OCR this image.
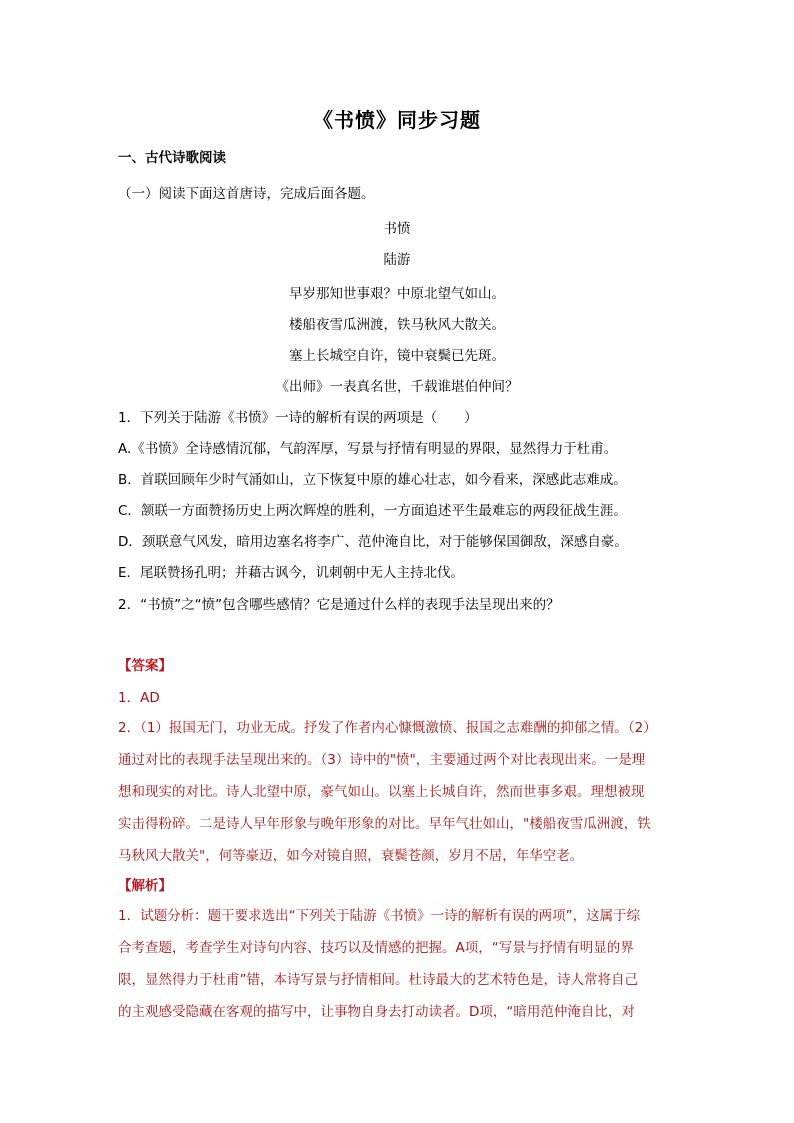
《书愤》同步习题
一、古代诗歌阅读
（一）阅读下面这首唐诗，完成后面各题。
书愤
陆游
早岁那知世事艰？中原北望气如山。
楼船夜雪瓜洲渡，铁马秋风大散关。
塞上长城空自许，镜中衰鬓已先斑。
《出师》一表真名世，千载谁堪伯仲间？
1．下列关于陆游《书愤》一诗的解析有误的两项是（　　）
A.《书愤》全诗感情沉郁，气韵浑厚，写景与抒情有明显的界限，显然得力于杜甫。
B．首联回顾年少时气涌如山，立下恢复中原的雄心壮志，如今看来，深感此志难成。
C．颔联一方面赞扬历史上两次辉煌的胜利，一方面追述平生最难忘的两段征战生涯。
D．颈联意气风发，暗用边塞名将李广、范仲淹自比，对于能够保国御敌，深感自豪。
E．尾联赞扬孔明；并藉古讽今，讥刺朝中无人主持北伐。
2．“书愤”之“愤”包含哪些感情？它是通过什么样的表现手法呈现出来的？
【答案】
1．AD
2．（1）报国无门，功业无成。抒发了作者内心慷慨激愤、报国之志难酬的抑郁之情。（2）
通过对比的表现手法呈现出来的。（3）诗中的"愤"，主要通过两个对比表现出来。一是理
想和现实的对比。诗人北望中原，豪气如山。以塞上长城自许，然而世事多艰。理想被现
实击得粉碎。二是诗人早年形象与晚年形象的对比。早年气壮如山，"楼船夜雪瓜洲渡，铁
马秋风大散关"，何等豪迈，如今对镜自照，衰鬓苍颜，岁月不居，年华空老。
【解析】
1．试题分析：题干要求选出“下列关于陆游《书愤》一诗的解析有误的两项”，这属于综
合考查题，考查学生对诗句内容、技巧以及情感的把握。A项，“写景与抒情有明显的界
限，显然得力于杜甫”错，本诗写景与抒情相间。杜诗最大的艺术特色是，诗人常将自己
的主观感受隐藏在客观的描写中，让事物自身去打动读者。D项，“暗用范仲淹自比，对
